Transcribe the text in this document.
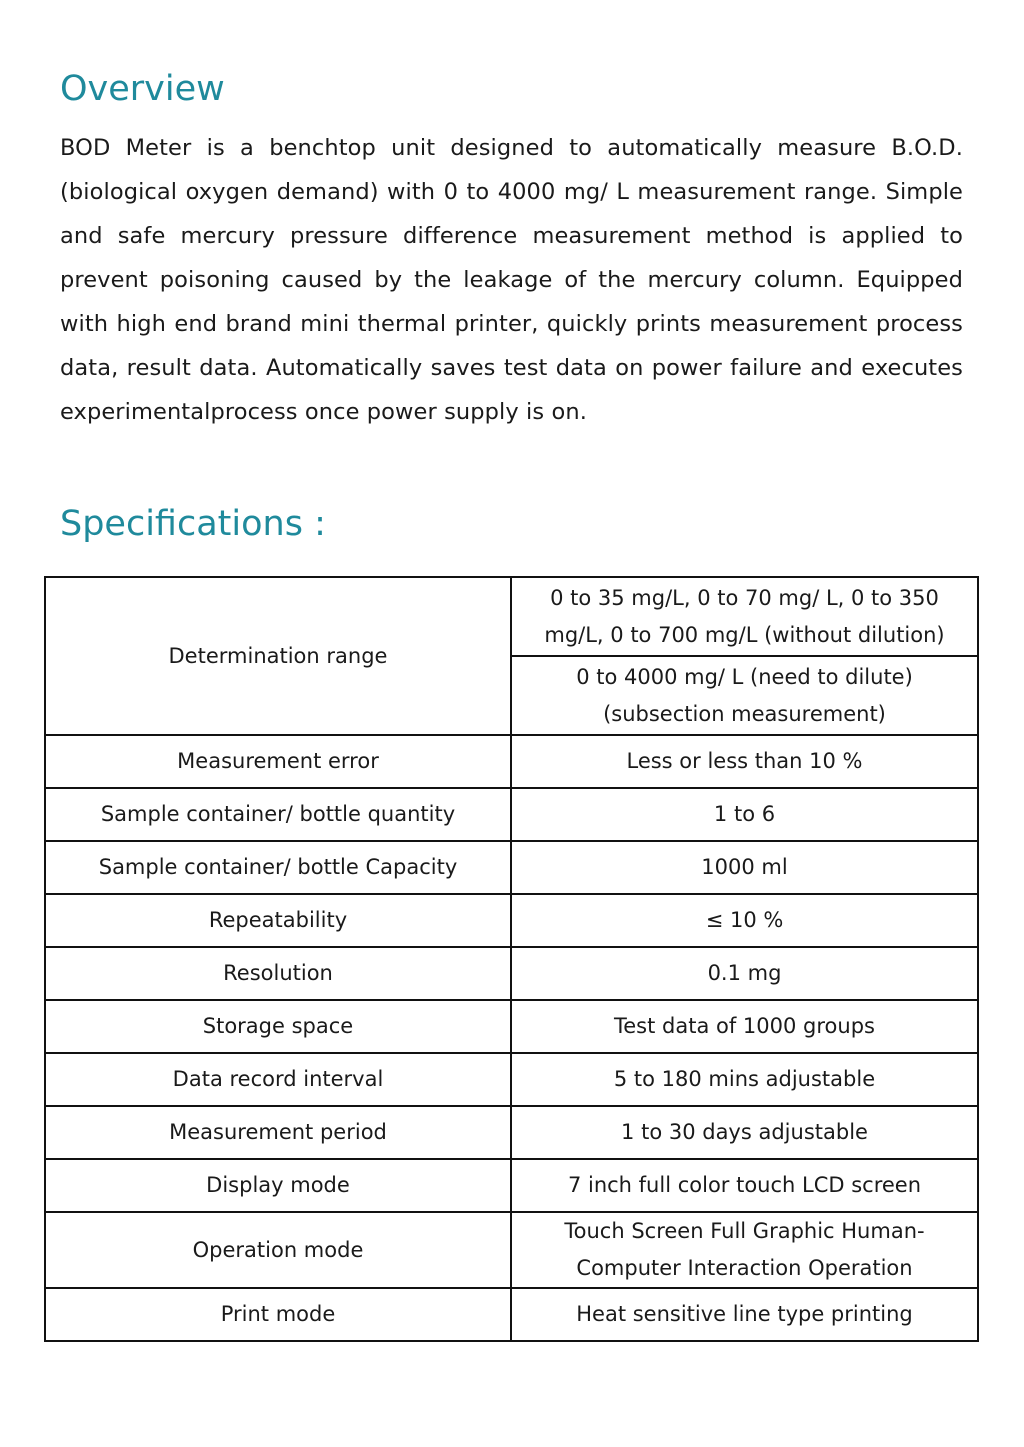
Overview

BOD Meter is a benchtop unit designed to automatically measure B.O.D. (biological oxygen demand) with 0 to 4000 mg/ L measurement range. Simple and safe mercury pressure difference measurement method is applied to prevent poisoning caused by the leakage of the mercury column. Equipped with high end brand mini thermal printer, quickly prints measurement process data, result data. Automatically saves test data on power failure and executes experimentalprocess once power supply is on.

Specifications :
Determination range	0 to 35 mg/L, 0 to 70 mg/ L, 0 to 350 mg/L, 0 to 700 mg/L (without dilution)
	0 to 4000 mg/ L (need to dilute) (subsection measurement)
Measurement error	Less or less than 10 %
Sample container/ bottle quantity	1 to 6
Sample container/ bottle Capacity	1000 ml
Repeatability	≤ 10 %
Resolution	0.1 mg
Storage space	Test data of 1000 groups
Data record interval	5 to 180 mins adjustable
Measurement period	1 to 30 days adjustable
Display mode	7 inch full color touch LCD screen
Operation mode	Touch Screen Full Graphic Human-Computer Interaction Operation
Print mode	Heat sensitive line type printing
